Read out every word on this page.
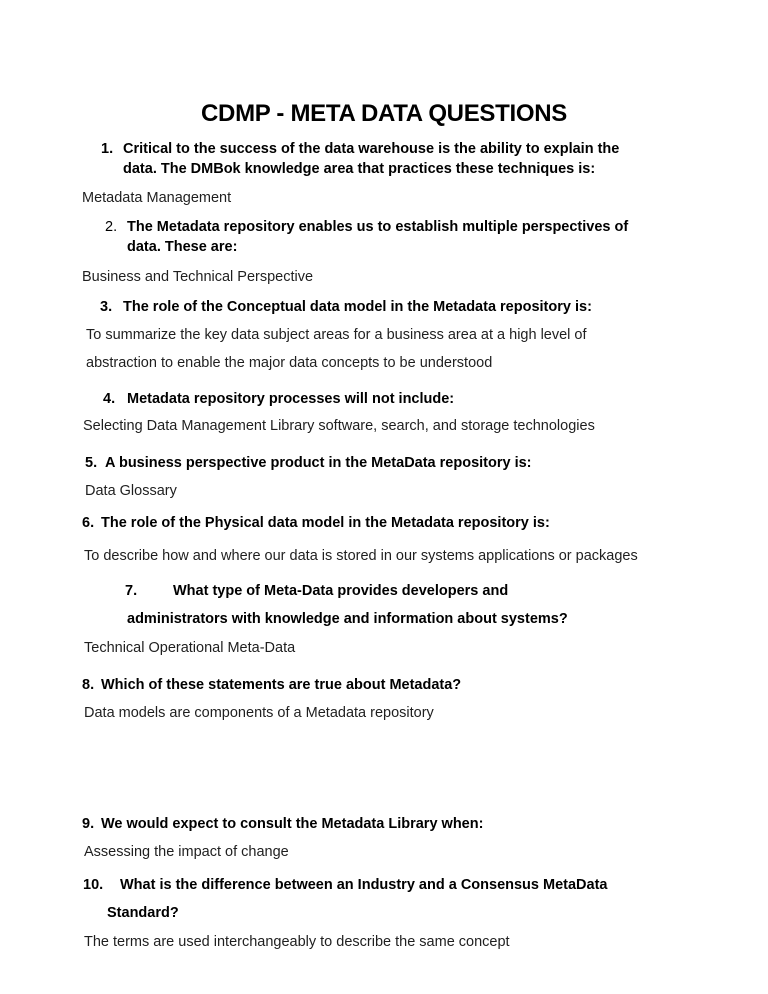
CDMP - META DATA QUESTIONS
1. Critical to the success of the data warehouse is the ability to explain the
data. The DMBok knowledge area that practices these techniques is:
Metadata Management
2. The Metadata repository enables us to establish multiple perspectives of
data. These are:
Business and Technical Perspective
3. The role of the Conceptual data model in the Metadata repository is:
To summarize the key data subject areas for a business area at a high level of
abstraction to enable the major data concepts to be understood
4. Metadata repository processes will not include:
Selecting Data Management Library software, search, and storage technologies
5. A business perspective product in the MetaData repository is:
Data Glossary
6. The role of the Physical data model in the Metadata repository is:
To describe how and where our data is stored in our systems applications or packages
7. What type of Meta-Data provides developers and
administrators with knowledge and information about systems?
Technical Operational Meta-Data
8. Which of these statements are true about Metadata?
Data models are components of a Metadata repository
9. We would expect to consult the Metadata Library when:
Assessing the impact of change
10. What is the difference between an Industry and a Consensus MetaData
Standard?
The terms are used interchangeably to describe the same concept
